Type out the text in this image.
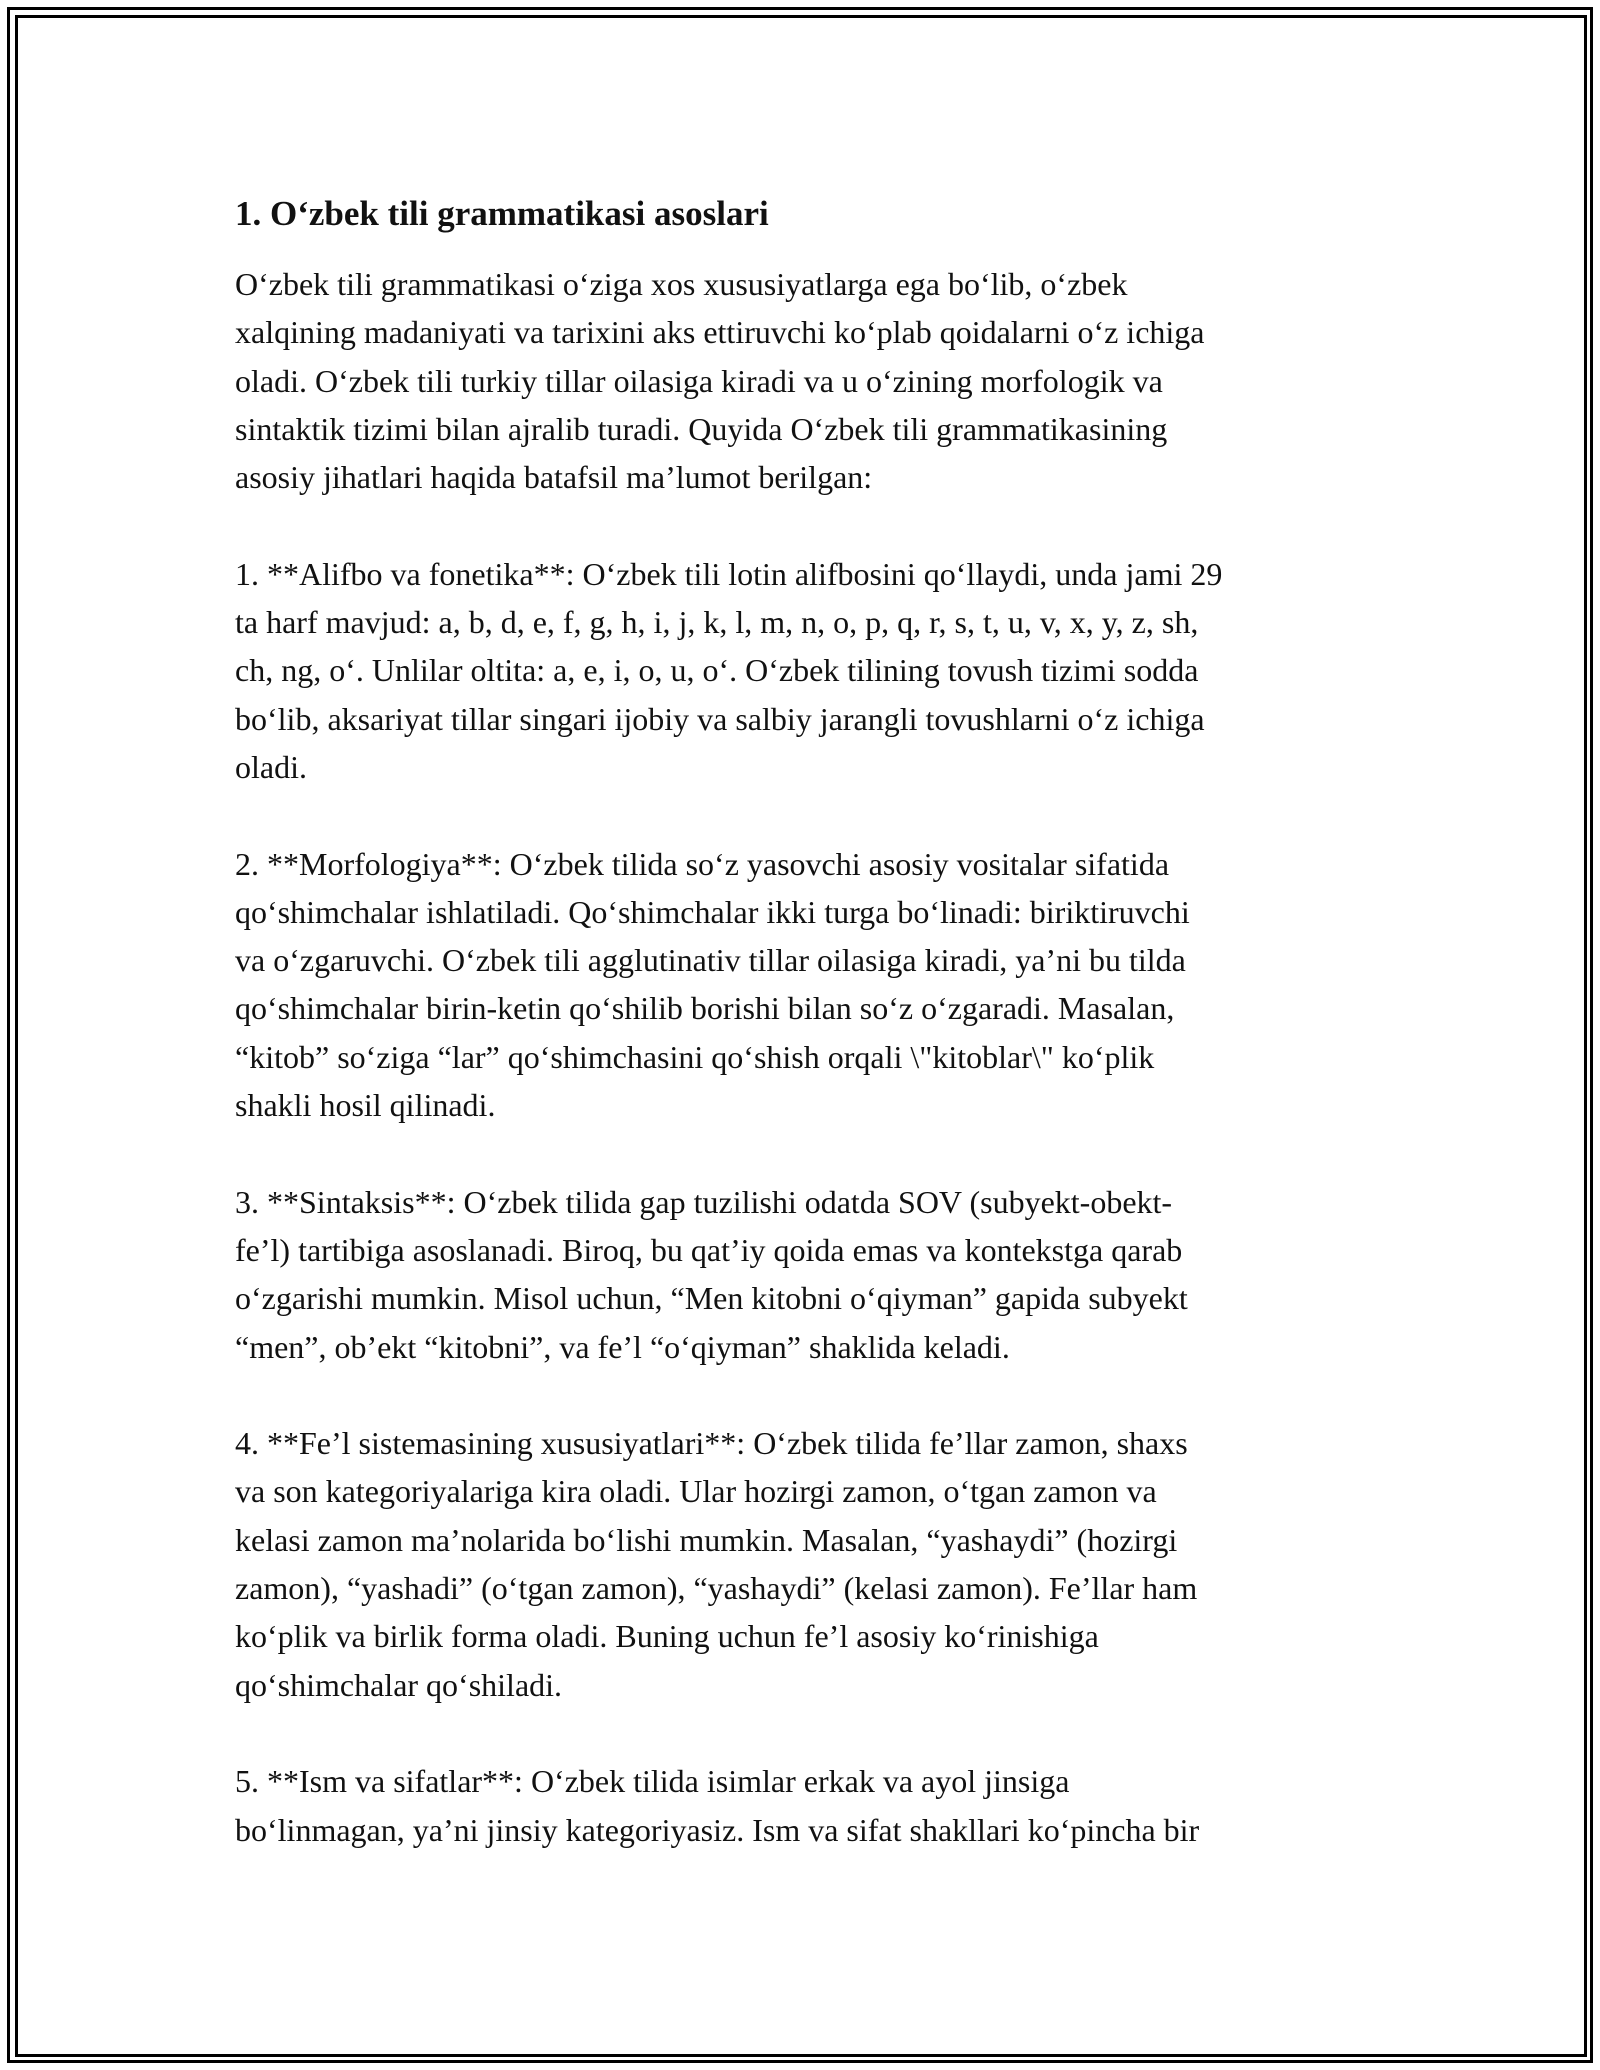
1. O‘zbek tili grammatikasi asoslari

O‘zbek tili grammatikasi o‘ziga xos xususiyatlarga ega bo‘lib, o‘zbek
xalqining madaniyati va tarixini aks ettiruvchi ko‘plab qoidalarni o‘z ichiga
oladi. O‘zbek tili turkiy tillar oilasiga kiradi va u o‘zining morfologik va
sintaktik tizimi bilan ajralib turadi. Quyida O‘zbek tili grammatikasining
asosiy jihatlari haqida batafsil ma’lumot berilgan:

1. **Alifbo va fonetika**: O‘zbek tili lotin alifbosini qo‘llaydi, unda jami 29
ta harf mavjud: a, b, d, e, f, g, h, i, j, k, l, m, n, o, p, q, r, s, t, u, v, x, y, z, sh,
ch, ng, o‘. Unlilar oltita: a, e, i, o, u, o‘. O‘zbek tilining tovush tizimi sodda
bo‘lib, aksariyat tillar singari ijobiy va salbiy jarangli tovushlarni o‘z ichiga
oladi.

2. **Morfologiya**: O‘zbek tilida so‘z yasovchi asosiy vositalar sifatida
qo‘shimchalar ishlatiladi. Qo‘shimchalar ikki turga bo‘linadi: biriktiruvchi
va o‘zgaruvchi. O‘zbek tili agglutinativ tillar oilasiga kiradi, ya’ni bu tilda
qo‘shimchalar birin-ketin qo‘shilib borishi bilan so‘z o‘zgaradi. Masalan,
“kitob” so‘ziga “lar” qo‘shimchasini qo‘shish orqali \"kitoblar\" ko‘plik
shakli hosil qilinadi.

3. **Sintaksis**: O‘zbek tilida gap tuzilishi odatda SOV (subyekt-obekt-
fe’l) tartibiga asoslanadi. Biroq, bu qat’iy qoida emas va kontekstga qarab
o‘zgarishi mumkin. Misol uchun, “Men kitobni o‘qiyman” gapida subyekt
“men”, ob’ekt “kitobni”, va fe’l “o‘qiyman” shaklida keladi.

4. **Fe’l sistemasining xususiyatlari**: O‘zbek tilida fe’llar zamon, shaxs
va son kategoriyalariga kira oladi. Ular hozirgi zamon, o‘tgan zamon va
kelasi zamon ma’nolarida bo‘lishi mumkin. Masalan, “yashaydi” (hozirgi
zamon), “yashadi” (o‘tgan zamon), “yashaydi” (kelasi zamon). Fe’llar ham
ko‘plik va birlik forma oladi. Buning uchun fe’l asosiy ko‘rinishiga
qo‘shimchalar qo‘shiladi.

5. **Ism va sifatlar**: O‘zbek tilida isimlar erkak va ayol jinsiga
bo‘linmagan, ya’ni jinsiy kategoriyasiz. Ism va sifat shakllari ko‘pincha bir
